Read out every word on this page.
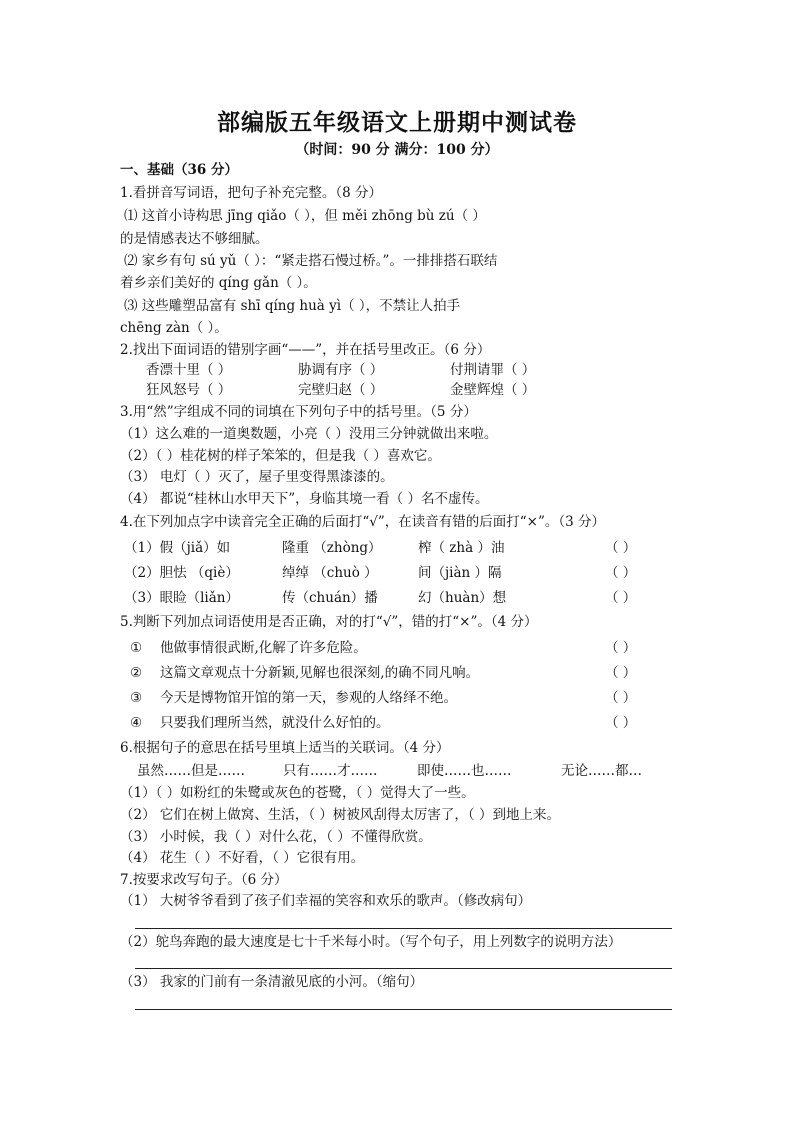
部编版五年级语文上册期中测试卷
（时间：90 分 满分：100 分）
一、基础（36 分）
1.看拼音写词语，把句子补充完整。（8 分）
⑴ 这首小诗构思 jīng qiǎo（ ），但 měi zhōng bù zú（ ）
的是情感表达不够细腻。
⑵ 家乡有句 sú yǔ（ ）：“紧走搭石慢过桥。”。一排排搭石联结
着乡亲们美好的 qíng gǎn（ ）。
⑶ 这些雕塑品富有 shī qíng huà yì（ ），不禁让人拍手
chēng zàn（ ）。
2.找出下面词语的错别字画“——”，并在括号里改正。（6 分）
香漂十里（ ）	胁调有序（ ）	付荆请罪（ ）
狂风怒号（ ）	完壁归赵（ ）	金壁辉煌（ ）
3.用“然”字组成不同的词填在下列句子中的括号里。（5 分）
（1）这么难的一道奥数题，小亮（ ）没用三分钟就做出来啦。
（2）（ ）桂花树的样子笨笨的，但是我（ ）喜欢它。
（3） 电灯（ ）灭了，屋子里变得黑漆漆的。
（4） 都说“桂林山水甲天下”，身临其境一看（ ）名不虚传。
4.在下列加点字中读音完全正确的后面打“√”，在读音有错的后面打“×”。（3 分）
（1）假（jiǎ）如	隆重 （zhòng）	榨（ zhà ）油	（ ）
（2）胆怯 （qiè）	绰绰 （chuò ）	间（jiàn ）隔	（ ）
（3）眼睑（liǎn）	传（chuán）播	幻（huàn）想	（ ）
5.判断下列加点词语使用是否正确，对的打“√”，错的打“×”。（4 分）
① 他做事情很武断,化解了许多危险。	（ ）
② 这篇文章观点十分新颖,见解也很深刻,的确不同凡响。	（ ）
③ 今天是博物馆开馆的第一天，参观的人络绎不绝。	（ ）
④ 只要我们理所当然，就没什么好怕的。	（ ）
6.根据句子的意思在括号里填上适当的关联词。（4 分）
虽然……但是……	只有……才……	即使……也……	无论……都…
（1）（ ）如粉红的朱鹭或灰色的苍鹭，（ ）觉得大了一些。
（2） 它们在树上做窝、生活，（ ）树被风刮得太厉害了，（ ）到地上来。
（3） 小时候，我（ ）对什么花，（ ）不懂得欣赏。
（4） 花生（ ）不好看，（ ）它很有用。
7.按要求改写句子。（6 分）
（1） 大树爷爷看到了孩子们幸福的笑容和欢乐的歌声。（修改病句）
（2）鸵鸟奔跑的最大速度是七十千米每小时。（写个句子，用上列数字的说明方法）
（3） 我家的门前有一条清澈见底的小河。（缩句）
